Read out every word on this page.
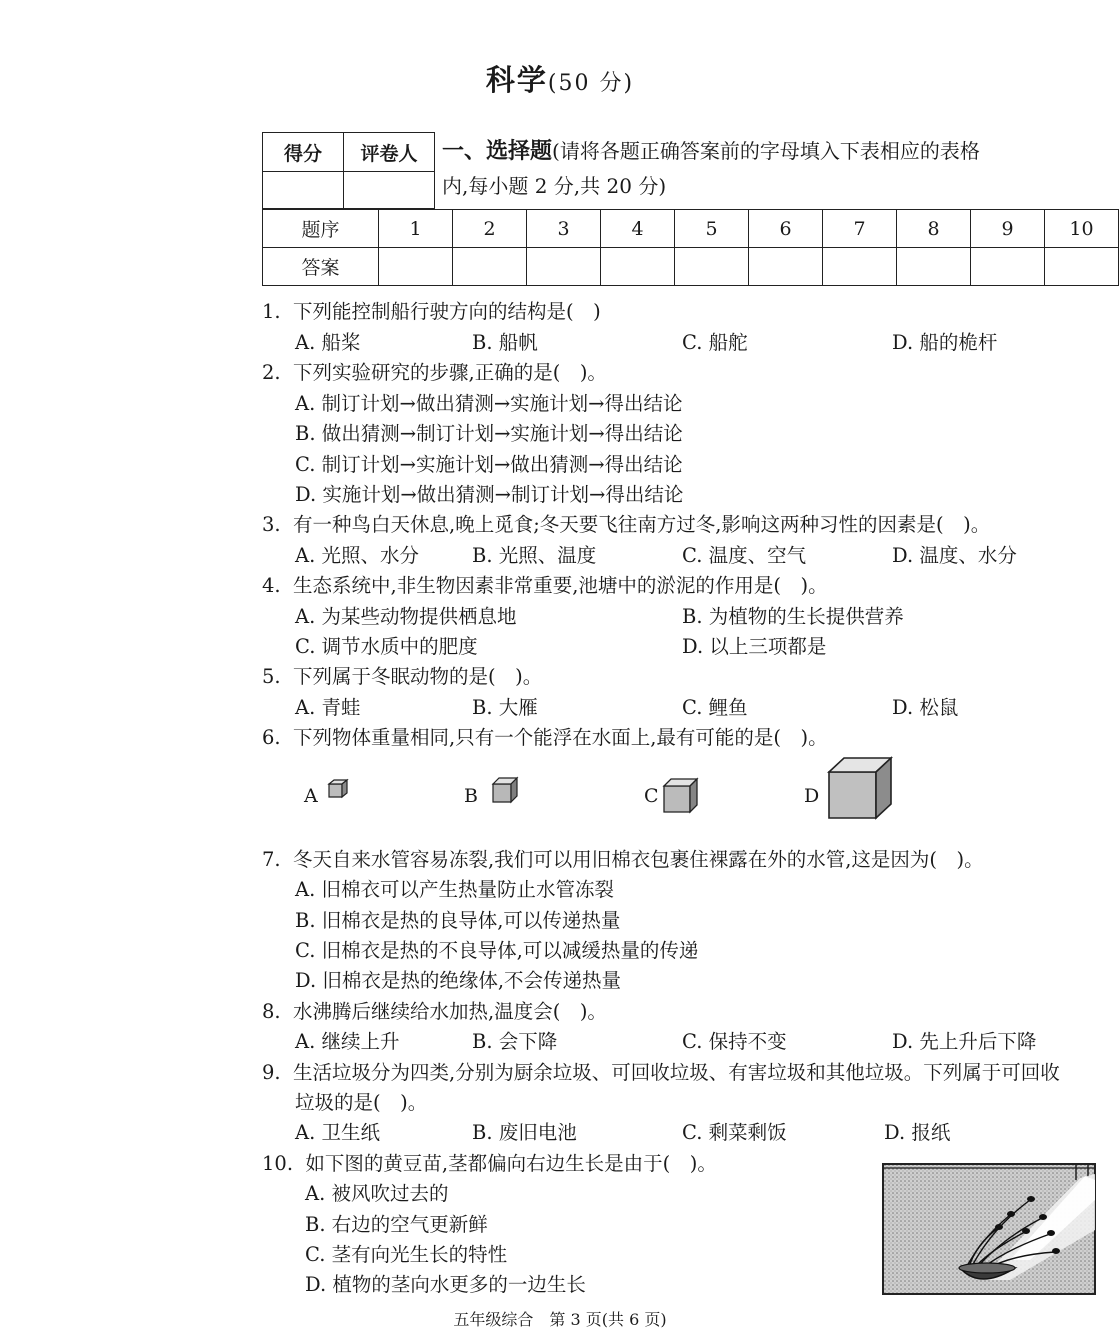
科学(50 分)
得分	评卷人
	一、选择题(请将各题正确答案前的字母填入下表相应的表格
内,每小题 2 分,共 20 分)
题序	1	2	3	4	5	6	7	8	9	10
答案										
1. 下列能控制船行驶方向的结构是(　)
A. 船桨	B. 船帆	C. 船舵	D. 船的桅杆
2. 下列实验研究的步骤,正确的是(　)。
A. 制订计划→做出猜测→实施计划→得出结论
B. 做出猜测→制订计划→实施计划→得出结论
C. 制订计划→实施计划→做出猜测→得出结论
D. 实施计划→做出猜测→制订计划→得出结论
3. 有一种鸟白天休息,晚上觅食;冬天要飞往南方过冬,影响这两种习性的因素是(　)。
A. 光照、水分	B. 光照、温度	C. 温度、空气	D. 温度、水分
4. 生态系统中,非生物因素非常重要,池塘中的淤泥的作用是(　)。
A. 为某些动物提供栖息地	B. 为植物的生长提供营养
C. 调节水质中的肥度	D. 以上三项都是
5. 下列属于冬眠动物的是(　)。
A. 青蛙	B. 大雁	C. 鲤鱼	D. 松鼠
6. 下列物体重量相同,只有一个能浮在水面上,最有可能的是(　)。
A	B	C	D
7. 冬天自来水管容易冻裂,我们可以用旧棉衣包裹住裸露在外的水管,这是因为(　)。
A. 旧棉衣可以产生热量防止水管冻裂
B. 旧棉衣是热的良导体,可以传递热量
C. 旧棉衣是热的不良导体,可以减缓热量的传递
D. 旧棉衣是热的绝缘体,不会传递热量
8. 水沸腾后继续给水加热,温度会(　)。
A. 继续上升	B. 会下降	C. 保持不变	D. 先上升后下降
9. 生活垃圾分为四类,分别为厨余垃圾、可回收垃圾、有害垃圾和其他垃圾。下列属于可回收
垃圾的是(　)。
A. 卫生纸	B. 废旧电池	C. 剩菜剩饭	D. 报纸
10. 如下图的黄豆苗,茎都偏向右边生长是由于(　)。
A. 被风吹过去的
B. 右边的空气更新鲜
C. 茎有向光生长的特性
D. 植物的茎向水更多的一边生长
五年级综合　第 3 页(共 6 页)
